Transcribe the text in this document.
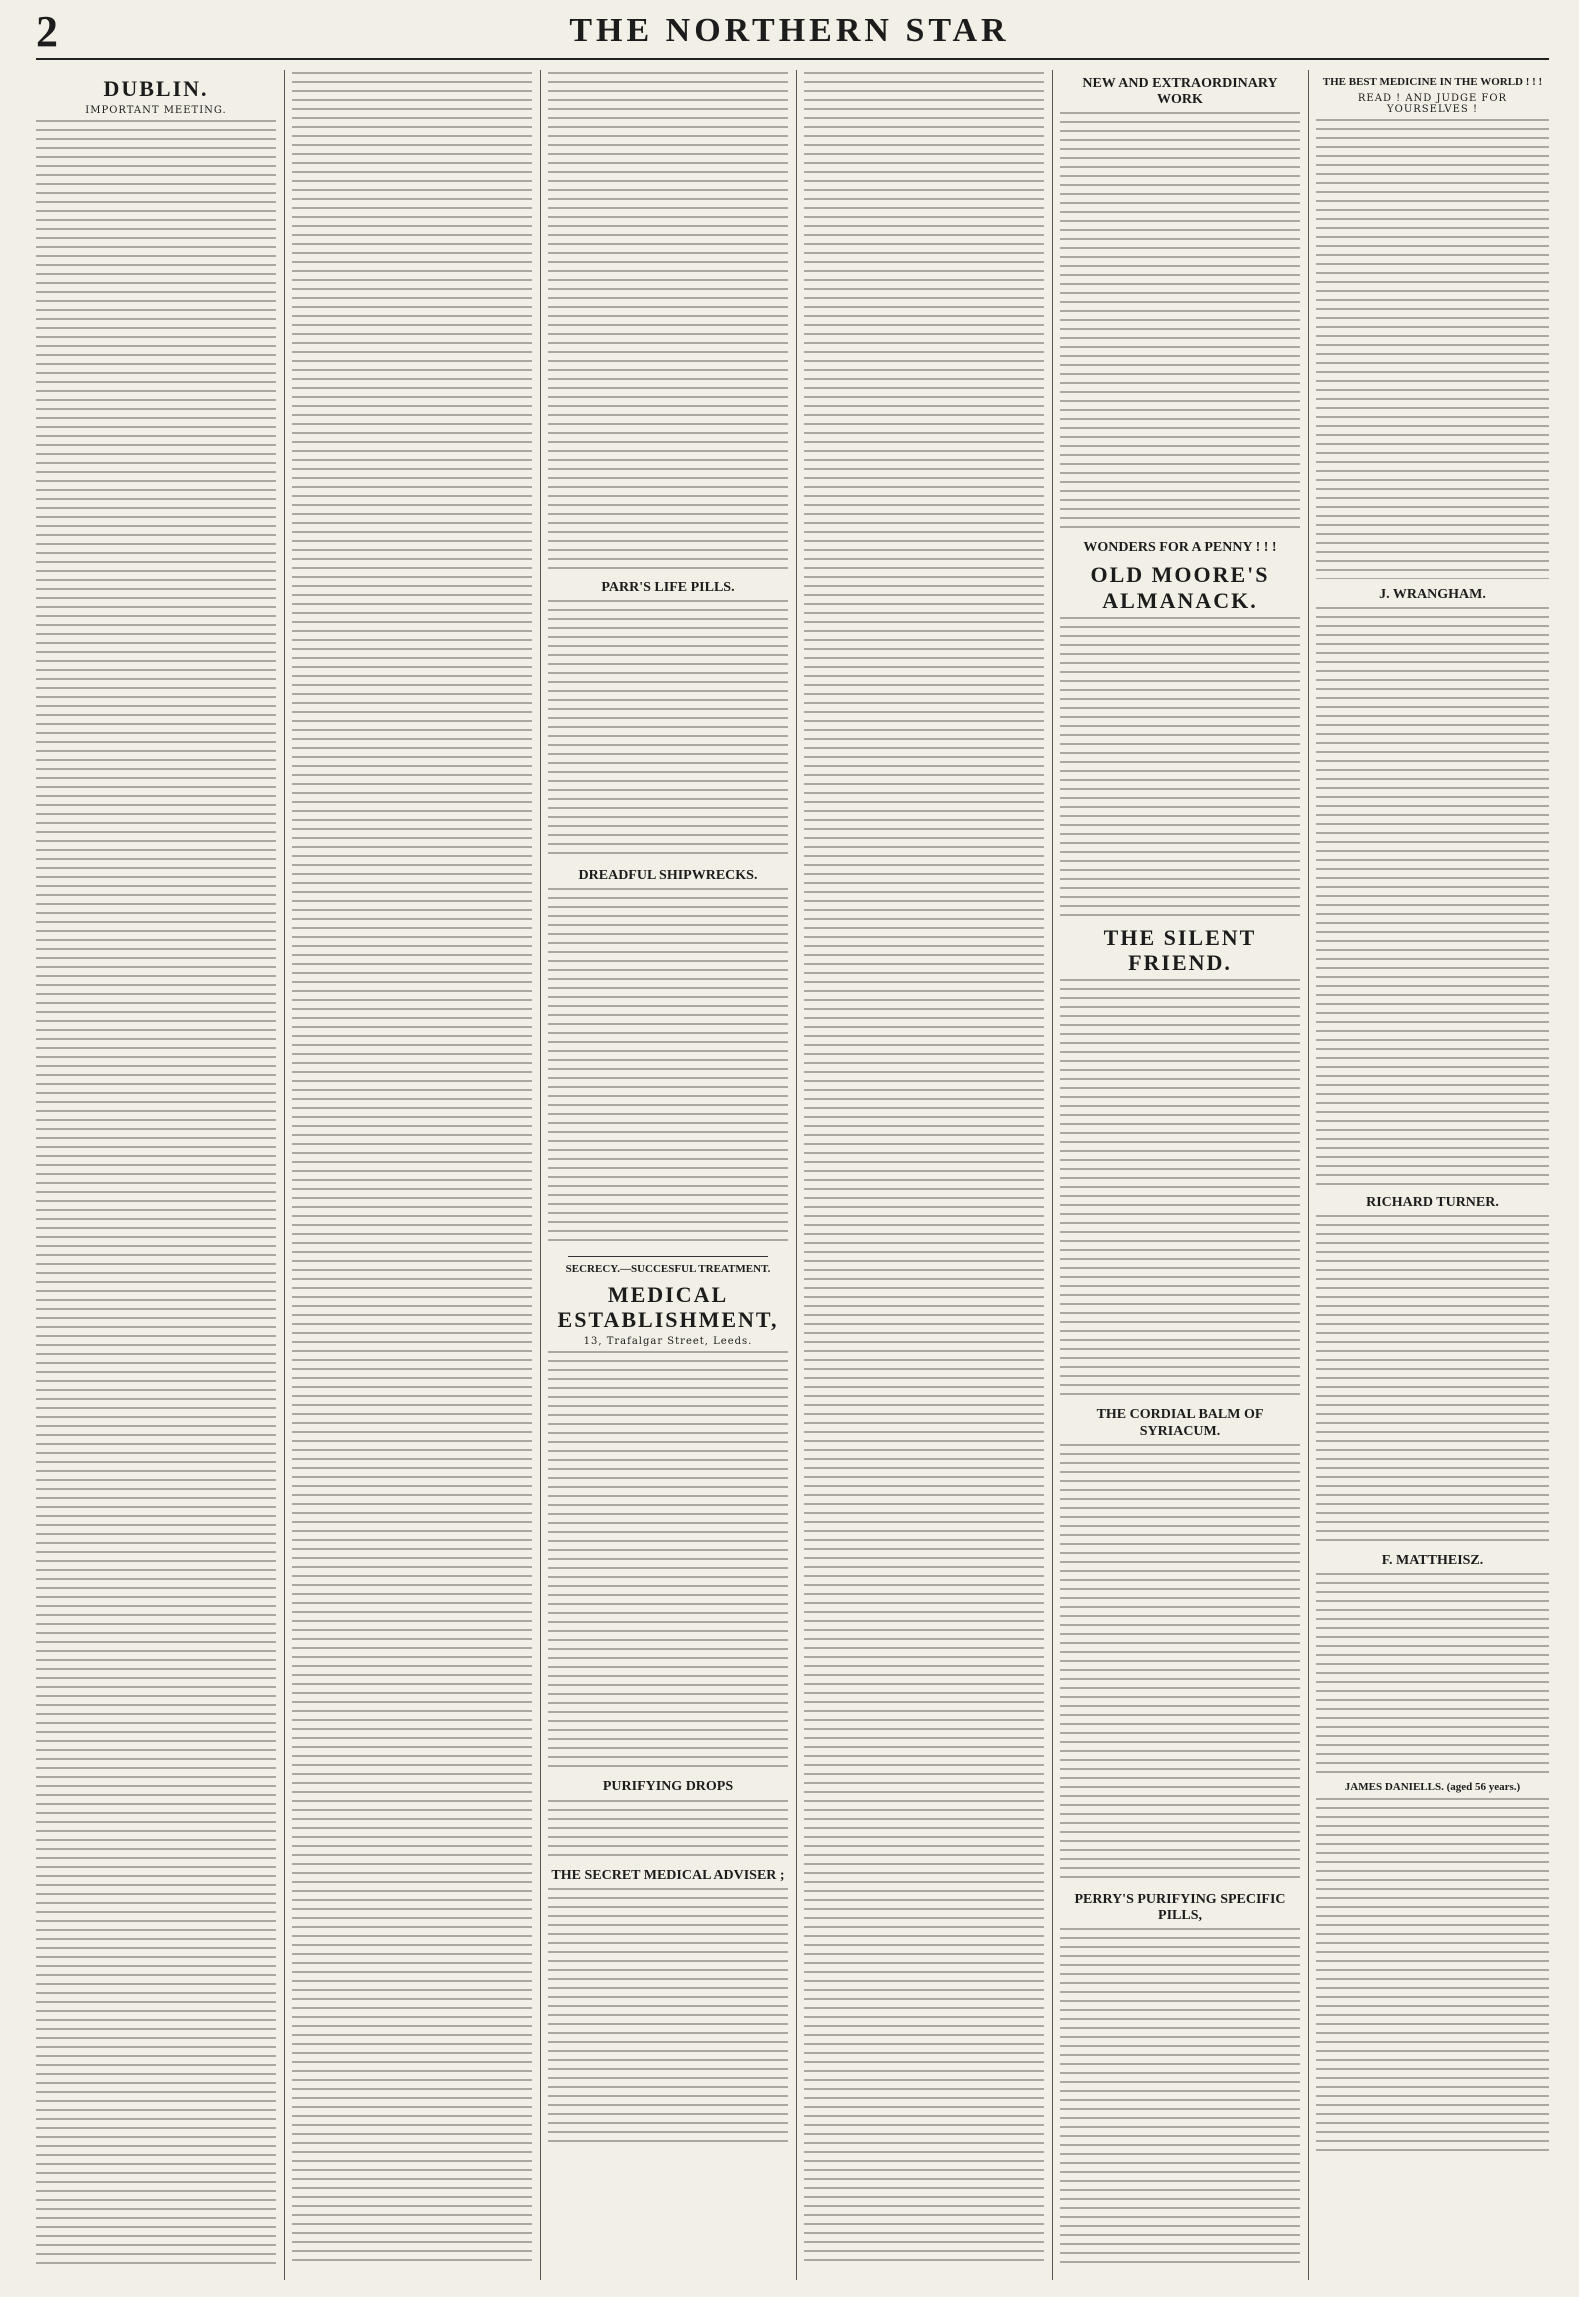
2	THE NORTHERN STAR
DUBLIN.
IMPORTANT MEETING.
PARR'S LIFE PILLS.
DREADFUL SHIPWRECKS.
SECRECY.—SUCCESFUL TREATMENT.
MEDICAL ESTABLISHMENT,
13, Trafalgar Street, Leeds.
PURIFYING DROPS
THE SECRET MEDICAL ADVISER ;
NEW AND EXTRAORDINARY WORK
WONDERS FOR A PENNY ! ! !
OLD MOORE'S ALMANACK.
THE SILENT FRIEND.
THE CORDIAL BALM OF SYRIACUM.
PERRY'S PURIFYING SPECIFIC PILLS,
THE BEST MEDICINE IN THE WORLD ! ! !
READ ! AND JUDGE FOR YOURSELVES !
J. WRANGHAM.
RICHARD TURNER.
F. MATTHEISZ.
JAMES DANIELLS. (aged 56 years.)
